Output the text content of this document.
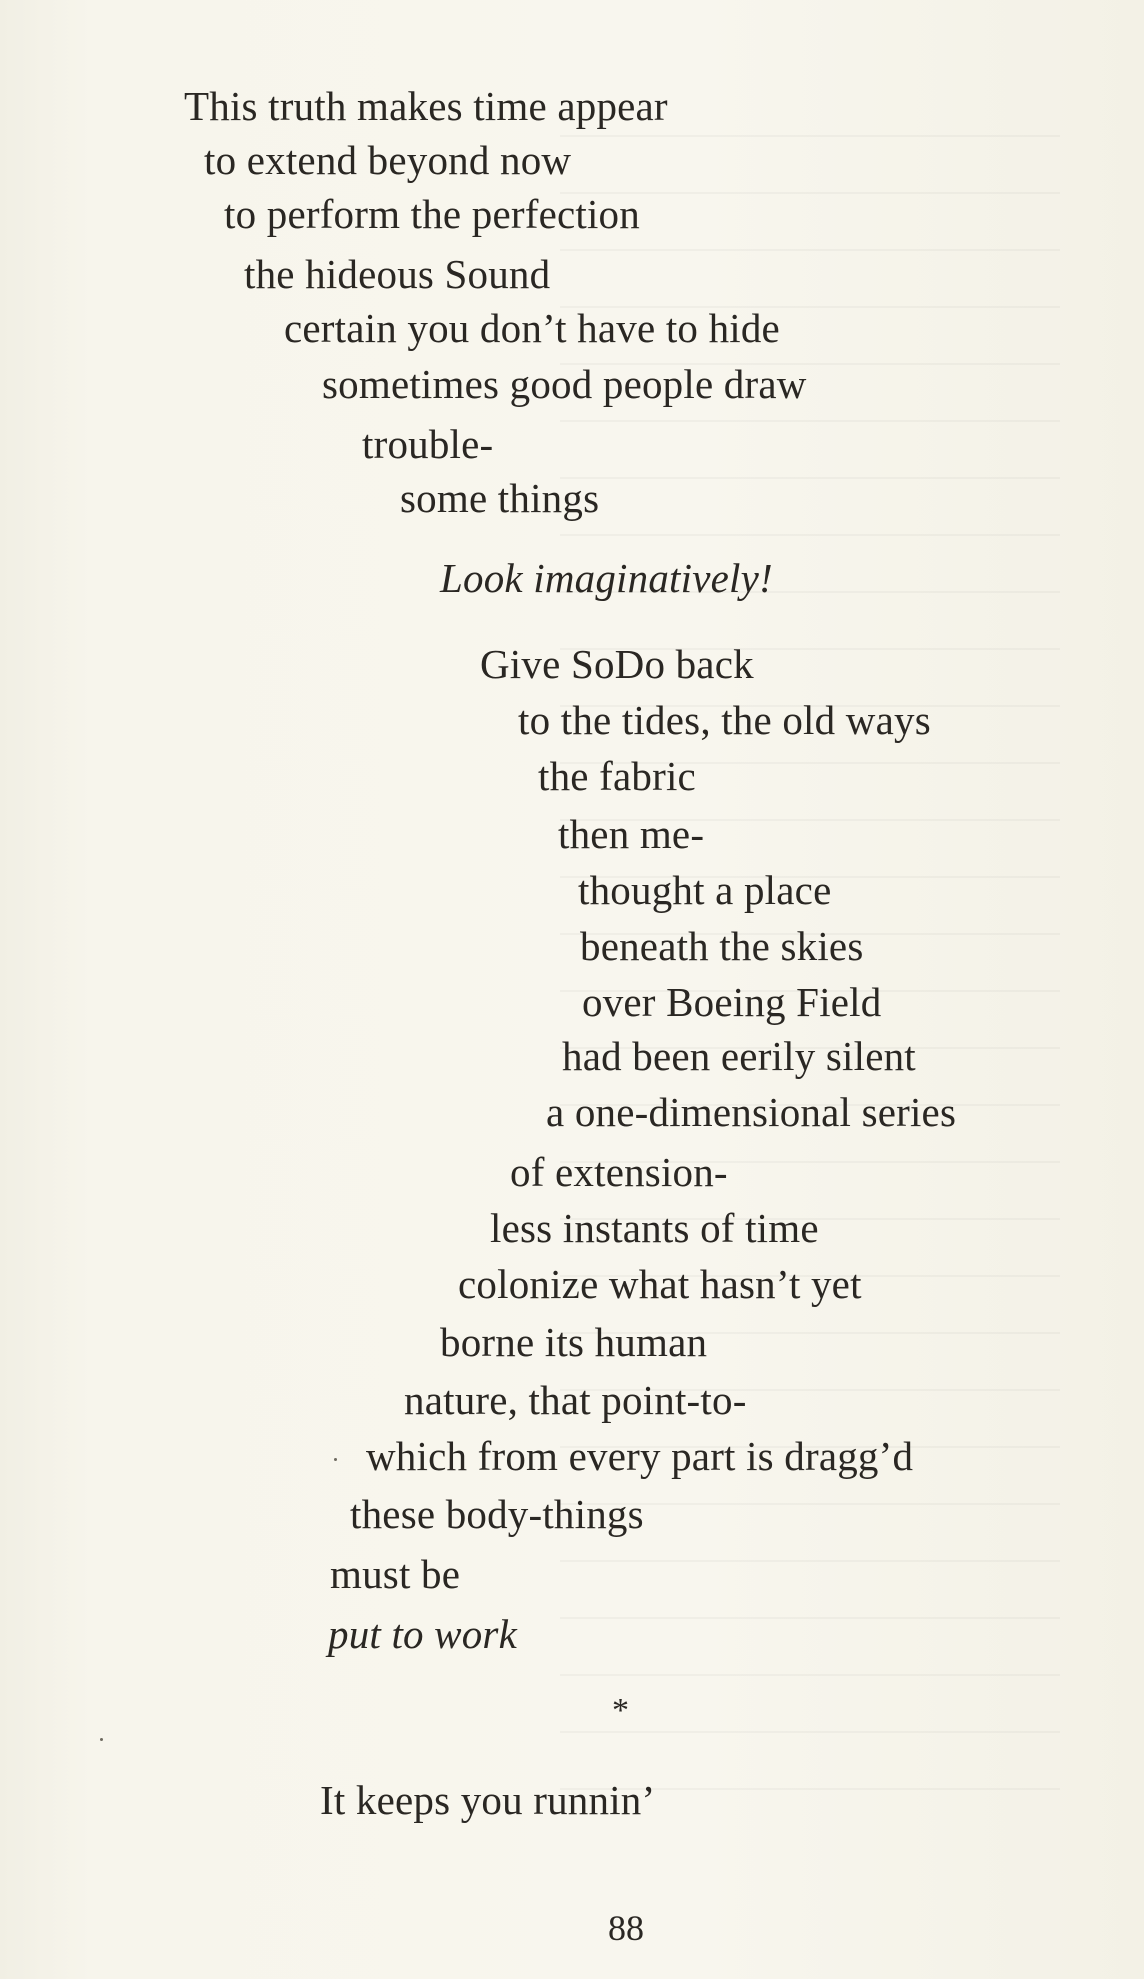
This truth makes time appear
to extend beyond now
to perform the perfection
the hideous Sound
certain you don’t have to hide
sometimes good people draw
trouble-
some things
Look imaginatively!
Give SoDo back
to the tides, the old ways
the fabric
then me-
thought a place
beneath the skies
over Boeing Field
had been eerily silent
a one-dimensional series
of extension-
less instants of time
colonize what hasn’t yet
borne its human
nature, that point-to-
which from every part is dragg’d
these body-things
must be
put to work
*
It keeps you runnin’
88
